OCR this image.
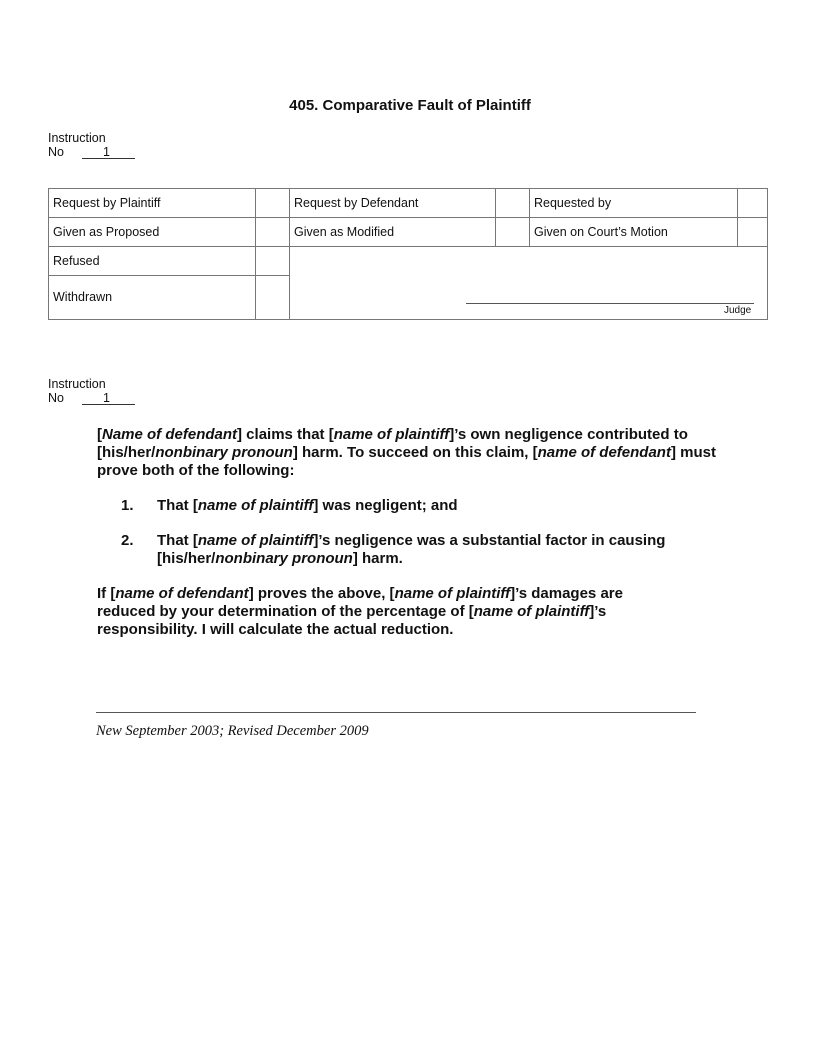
405. Comparative Fault of Plaintiff
Instruction
No	1
Request by Plaintiff	Request by Defendant	Requested by
Given as Proposed	Given as Modified	Given on Court’s Motion
Refused
Withdrawn
Judge
Instruction
No	1
[Name of defendant] claims that [name of plaintiff]’s own negligence contributed to [his/her/nonbinary pronoun] harm. To succeed on this claim, [name of defendant] must prove both of the following:
1. That [name of plaintiff] was negligent; and
2. That [name of plaintiff]’s negligence was a substantial factor in causing [his/her/nonbinary pronoun] harm.
If [name of defendant] proves the above, [name of plaintiff]’s damages are reduced by your determination of the percentage of [name of plaintiff]’s responsibility. I will calculate the actual reduction.
New September 2003; Revised December 2009
